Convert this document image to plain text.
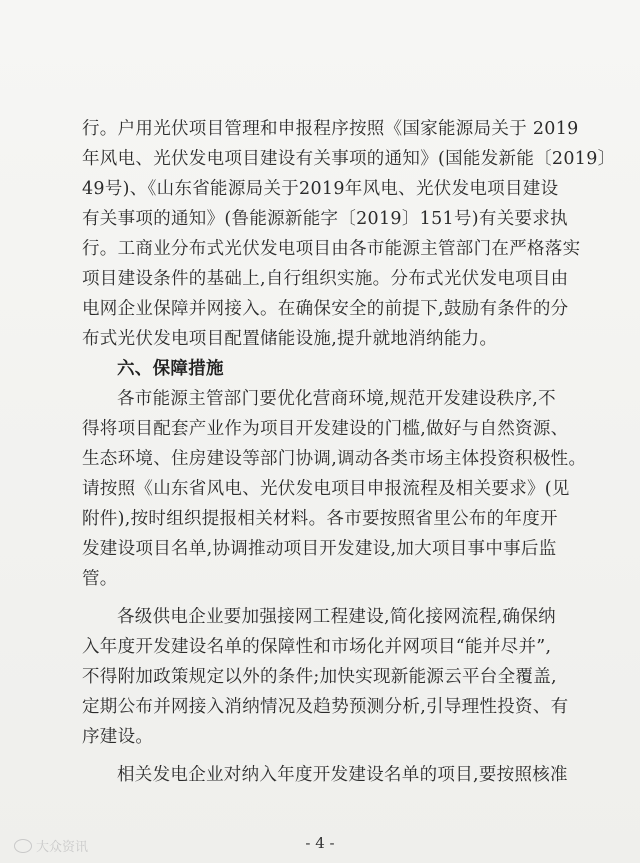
行。户用光伏项目管理和申报程序按照《国家能源局关于 2019
年风电、光伏发电项目建设有关事项的通知》(国能发新能〔2019〕
49号)、《山东省能源局关于2019年风电、光伏发电项目建设
有关事项的通知》(鲁能源新能字〔2019〕151号)有关要求执
行。工商业分布式光伏发电项目由各市能源主管部门在严格落实
项目建设条件的基础上,自行组织实施。分布式光伏发电项目由
电网企业保障并网接入。在确保安全的前提下,鼓励有条件的分
布式光伏发电项目配置储能设施,提升就地消纳能力。
六、保障措施
各市能源主管部门要优化营商环境,规范开发建设秩序,不
得将项目配套产业作为项目开发建设的门槛,做好与自然资源、
生态环境、住房建设等部门协调,调动各类市场主体投资积极性。
请按照《山东省风电、光伏发电项目申报流程及相关要求》(见
附件),按时组织提报相关材料。各市要按照省里公布的年度开
发建设项目名单,协调推动项目开发建设,加大项目事中事后监
管。
各级供电企业要加强接网工程建设,简化接网流程,确保纳
入年度开发建设名单的保障性和市场化并网项目“能并尽并”,
不得附加政策规定以外的条件;加快实现新能源云平台全覆盖,
定期公布并网接入消纳情况及趋势预测分析,引导理性投资、有
序建设。
相关发电企业对纳入年度开发建设名单的项目,要按照核准
大众资讯	- 4 -
